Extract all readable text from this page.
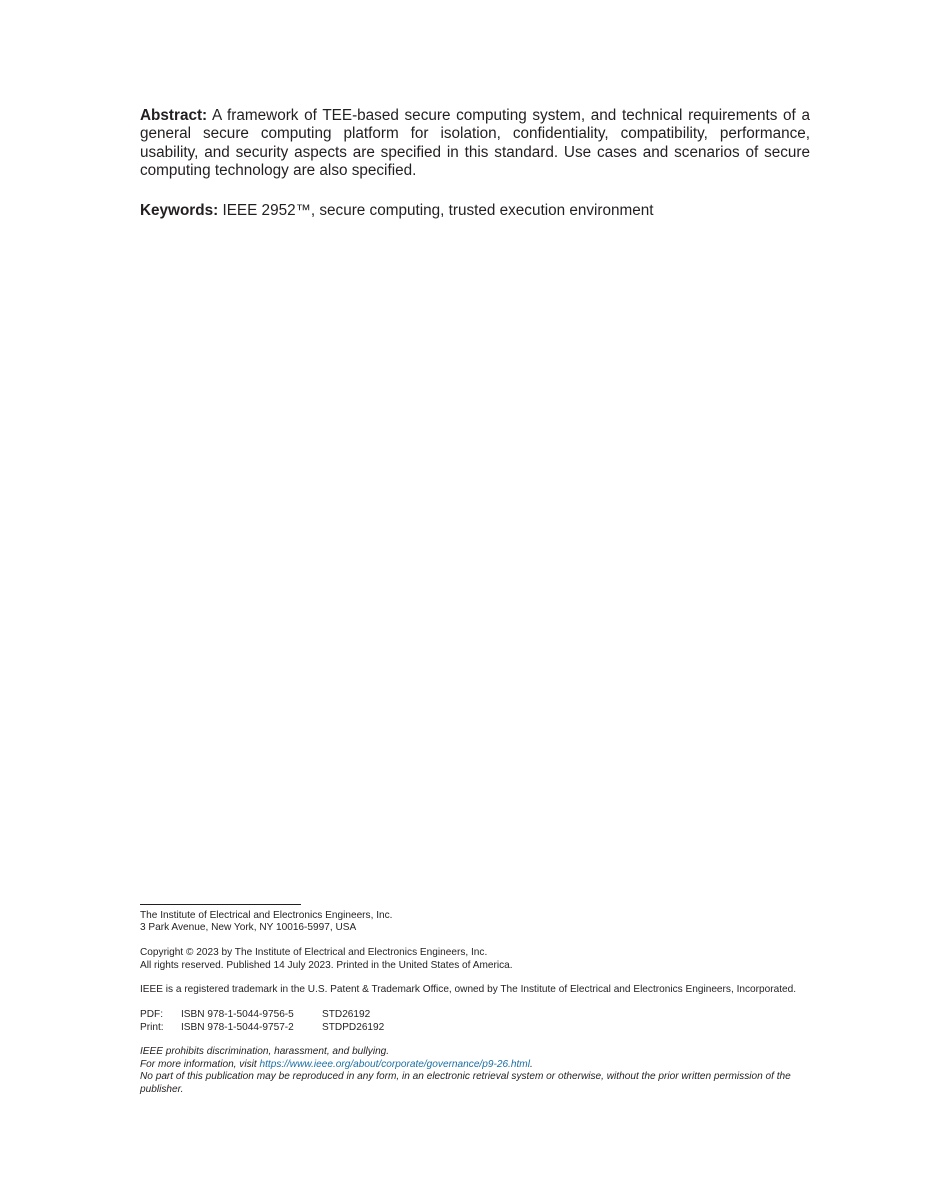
Abstract: A framework of TEE-based secure computing system, and technical requirements of a general secure computing platform for isolation, confidentiality, compatibility, performance, usability, and security aspects are specified in this standard. Use cases and scenarios of secure computing technology are also specified.

Keywords: IEEE 2952™, secure computing, trusted execution environment

The Institute of Electrical and Electronics Engineers, Inc.

3 Park Avenue, New York, NY 10016-5997, USA

Copyright © 2023 by The Institute of Electrical and Electronics Engineers, Inc.

All rights reserved. Published 14 July 2023. Printed in the United States of America.

IEEE is a registered trademark in the U.S. Patent & Trademark Office, owned by The Institute of Electrical and Electronics Engineers, Incorporated.

PDF:	ISBN 978-1-5044-9756-5	STD26192
Print:	ISBN 978-1-5044-9757-2	STDPD26192

IEEE prohibits discrimination, harassment, and bullying.

For more information, visit https://www.ieee.org/about/corporate/governance/p9-26.html.

No part of this publication may be reproduced in any form, in an electronic retrieval system or otherwise, without the prior written permission of the publisher.
